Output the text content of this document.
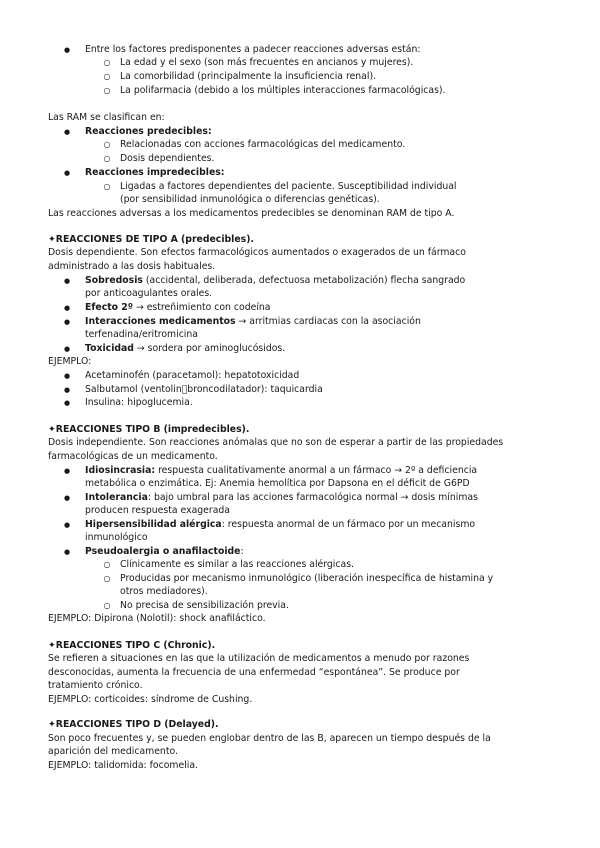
●
Entre los factores predisponentes a padecer reacciones adversas están:
○
La edad y el sexo (son más frecuentes en ancianos y mujeres).
○
La comorbilidad (principalmente la insuficiencia renal).
○
La polifarmacia (debido a los múltiples interacciones farmacológicas).
Las RAM se clasifican en:
●
Reacciones predecibles:
○
Relacionadas con acciones farmacológicas del medicamento.
○
Dosis dependientes.
●
Reacciones impredecibles:
○
Ligadas a factores dependientes del paciente. Susceptibilidad individual
(por sensibilidad inmunológica o diferencias genéticas).
Las reacciones adversas a los medicamentos predecibles se denominan RAM de tipo A.
✦REACCIONES DE TIPO A (predecibles).
Dosis dependiente. Son efectos farmacológicos aumentados o exagerados de un fármaco
administrado a las dosis habituales.
●
Sobredosis (accidental, deliberada, defectuosa metabolización) flecha sangrado
por anticoagulantes orales.
●
Efecto 2º → estreñimiento con codeína
●
Interacciones medicamentos → arritmias cardiacas con la asociación
terfenadina/eritromicina
●
Toxicidad → sordera por aminoglucósidos.
EJEMPLO:
●
Acetaminofén (paracetamol): hepatotoxicidad
●
Salbutamol (ventolin⃞broncodilatador): taquicardia
●
Insulina: hipoglucemia.
✦REACCIONES TIPO B (impredecibles).
Dosis independiente. Son reacciones anómalas que no son de esperar a partir de las propiedades
farmacológicas de un medicamento.
●
Idiosincrasia: respuesta cualitativamente anormal a un fármaco → 2º a deficiencia
metabólica o enzimática. Ej: Anemia hemolítica por Dapsona en el déficit de G6PD
●
Intolerancia: bajo umbral para las acciones farmacológica normal → dosis mínimas
producen respuesta exagerada
●
Hipersensibilidad alérgica: respuesta anormal de un fármaco por un mecanismo
inmunológico
●
Pseudoalergia o anafilactoide:
○
Clínicamente es similar a las reacciones alérgicas.
○
Producidas por mecanismo inmunológico (liberación inespecífica de histamina y
otros mediadores).
○
No precisa de sensibilización previa.
EJEMPLO: Dipirona (Nolotil): shock anafiláctico.
✦REACCIONES TIPO C (Chronic).
Se refieren a situaciones en las que la utilización de medicamentos a menudo por razones
desconocidas, aumenta la frecuencia de una enfermedad “espontánea”. Se produce por
tratamiento crónico.
EJEMPLO: corticoides: síndrome de Cushing.
✦REACCIONES TIPO D (Delayed).
Son poco frecuentes y, se pueden englobar dentro de las B, aparecen un tiempo después de la
aparición del medicamento.
EJEMPLO: talidomida: focomelia.
